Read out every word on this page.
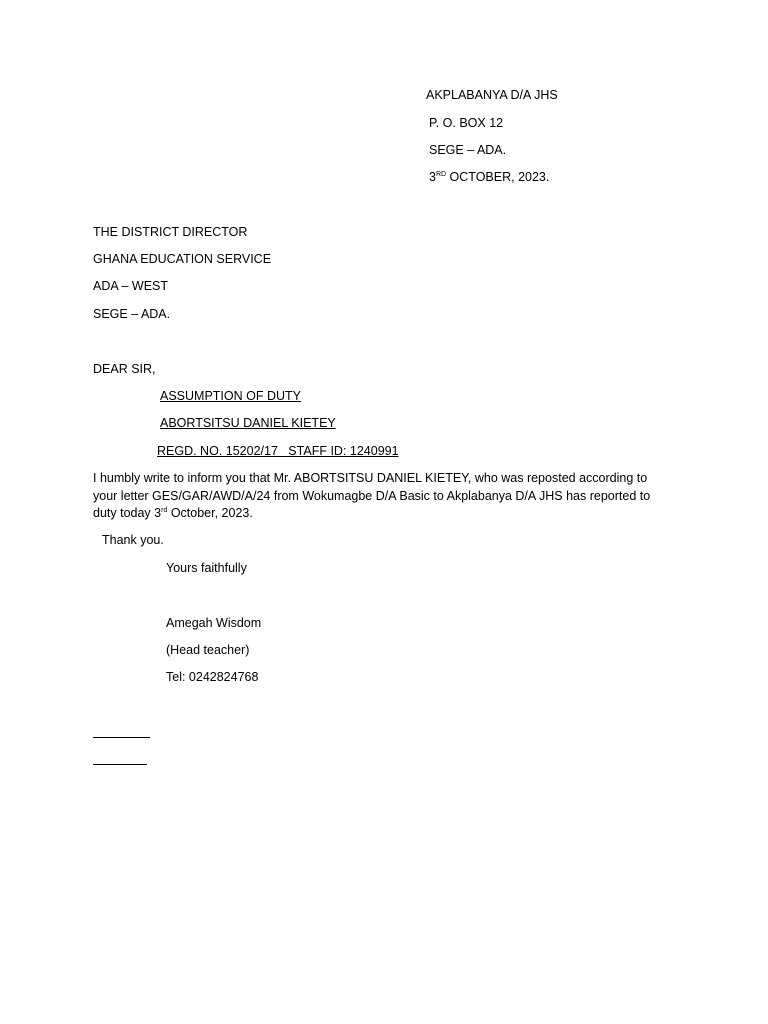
AKPLABANYA D/A JHS
P. O. BOX 12
SEGE – ADA.
3RD OCTOBER, 2023.
THE DISTRICT DIRECTOR
GHANA EDUCATION SERVICE
ADA – WEST
SEGE – ADA.
DEAR SIR,
ASSUMPTION OF DUTY
ABORTSITSU DANIEL KIETEY
REGD. NO. 15202/17   STAFF ID: 1240991
I humbly write to inform you that Mr. ABORTSITSU DANIEL KIETEY, who was reposted according to your letter GES/GAR/AWD/A/24 from Wokumagbe D/A Basic to Akplabanya D/A JHS has reported to duty today 3rd October, 2023.
Thank you.
Yours faithfully
Amegah Wisdom
(Head teacher)
Tel: 0242824768
